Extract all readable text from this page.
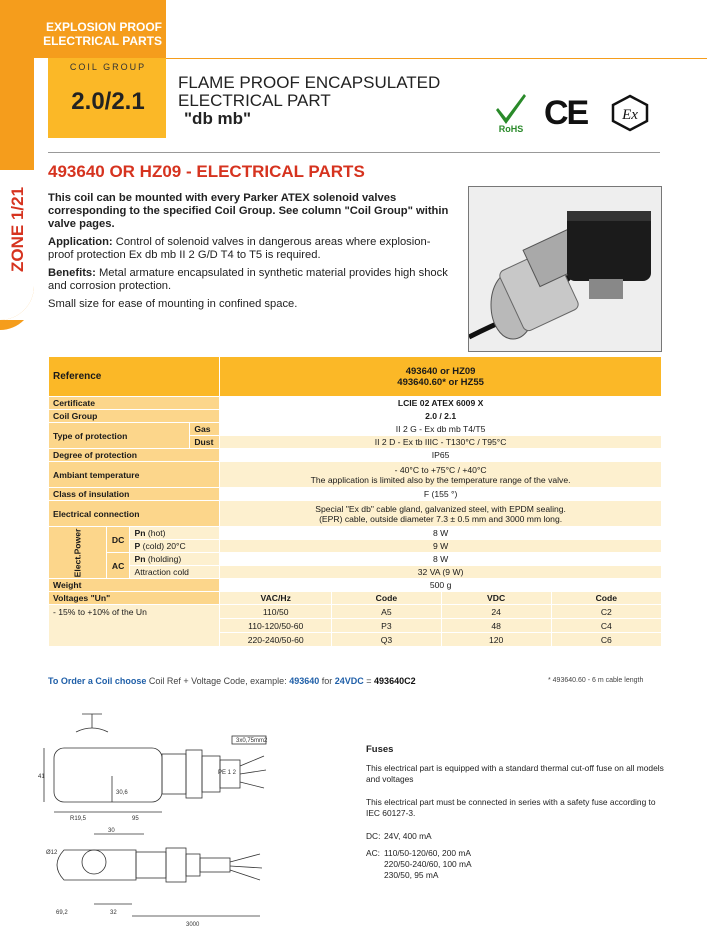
ZONE 1/21
EXPLOSION PROOF ELECTRICAL PARTS
COIL GROUP
2.0/2.1
FLAME PROOF ENCAPSULATED
ELECTRICAL PART
"db mb"
RoHS CE Ex
493640 OR HZ09 - ELECTRICAL PARTS

This coil can be mounted with every Parker ATEX solenoid valves corresponding to the specified Coil Group. See column "Coil Group" within valve pages.

Application: Control of solenoid valves in dangerous areas where explosion-proof protection Ex db mb II 2 G/D T4 to T5 is required.

Benefits: Metal armature encapsulated in synthetic material provides high shock and corrosion protection.

Small size for ease of mounting in confined space.

Reference				493640 or HZ09
493640.60* or HZ55			

Certificate				LCIE 02 ATEX 6009 X			
Coil Group				2.0 / 2.1			
Type of protection			Gas	II 2 G - Ex db mb T4/T5			
			Dust	II 2 D - Ex tb IIIC - T130°C / T95°C			
Degree of protection				IP65			
Ambiant temperature				- 40°C to +75°C / +40°C
The application is limited also by the temperature range of the valve.			

Class of insulation				F (155 °)			
Electrical connection				Special "Ex db" cable gland, galvanized steel, with EPDM sealing.
(EPR) cable, outside diameter 7.3 ± 0.5 mm and 3000 mm long.			

Elect.Power	DC	Pn (hot)		8 W			
		P (cold) 20°C		9 W			
	AC	Pn (holding)		8 W			
		Attraction cold		32 VA (9 W)			
Weight				500 g			
Voltages "Un"				VAC/Hz	Code	VDC	Code
- 15% to +10% of the Un				110/50	A5	24	C2
				110-120/50-60	P3	48	C4
				220-240/50-60	Q3	120	C6
To Order a Coil choose Coil Ref + Voltage Code, example: 493640 for 24VDC = 493640C2	* 493640.60 - 6 m cable length
41
R19,5	95
30
32
3000
Ø12
3x0,75mm2
30,6
69,2
PE 1 2
Fuses

This electrical part is equipped with a standard thermal cut-off fuse on all models and voltages

This electrical part must be connected in series with a safety fuse according to IEC 60127-3.

DC: 24V, 400 mA
AC: 110/50-120/60, 200 mA
220/50-240/60, 100 mA
230/50, 95 mA
